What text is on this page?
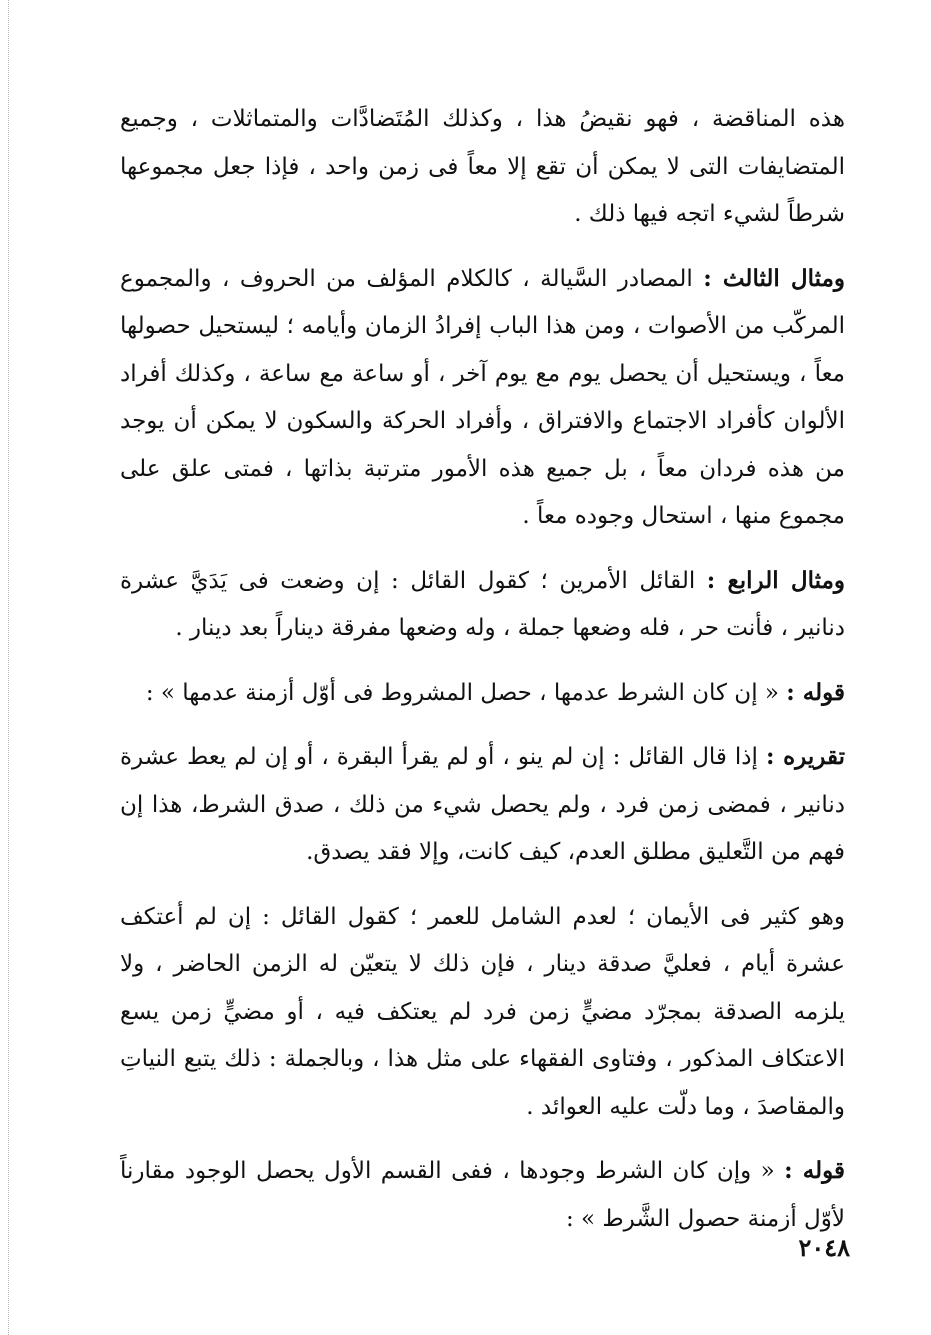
هذه المناقضة ، فهو نقيضُ هذا ، وكذلك المُتَضادَّات والمتماثلات ، وجميع المتضايفات التى لا يمكن أن تقع إلا معاً فى زمن واحد ، فإذا جعل مجموعها شرطاً لشيء اتجه فيها ذلك .

ومثال الثالث : المصادر السَّيالة ، كالكلام المؤلف من الحروف ، والمجموع المركّب من الأصوات ، ومن هذا الباب إفرادُ الزمان وأيامه ؛ ليستحيل حصولها معاً ، ويستحيل أن يحصل يوم مع يوم آخر ، أو ساعة مع ساعة ، وكذلك أفراد الألوان كأفراد الاجتماع والافتراق ، وأفراد الحركة والسكون لا يمكن أن يوجد من هذه فردان معاً ، بل جميع هذه الأمور مترتبة بذاتها ، فمتى علق على مجموع منها ، استحال وجوده معاً .

ومثال الرابع : القائل الأمرين ؛ كقول القائل : إن وضعت فى يَدَيَّ عشرة دنانير ، فأنت حر ، فله وضعها جملة ، وله وضعها مفرقة ديناراً بعد دينار .

قوله : « إن كان الشرط عدمها ، حصل المشروط فى أوّل أزمنة عدمها » :

تقريره : إذا قال القائل : إن لم ينو ، أو لم يقرأ البقرة ، أو إن لم يعط عشرة دنانير ، فمضى زمن فرد ، ولم يحصل شيء من ذلك ، صدق الشرط، هذا إن فهم من التَّعليق مطلق العدم، كيف كانت، وإلا فقد يصدق.

وهو كثير فى الأيمان ؛ لعدم الشامل للعمر ؛ كقول القائل : إن لم أعتكف عشرة أيام ، فعليَّ صدقة دينار ، فإن ذلك لا يتعيّن له الزمن الحاضر ، ولا يلزمه الصدقة بمجرّد مضيٍّ زمن فرد لم يعتكف فيه ، أو مضيٍّ زمن يسع الاعتكاف المذكور ، وفتاوى الفقهاء على مثل هذا ، وبالجملة : ذلك يتبع النياتِ والمقاصدَ ، وما دلّت عليه العوائد .

قوله : « وإن كان الشرط وجودها ، ففى القسم الأول يحصل الوجود مقارناً لأوّل أزمنة حصول الشَّرط » :

٢٠٤٨
